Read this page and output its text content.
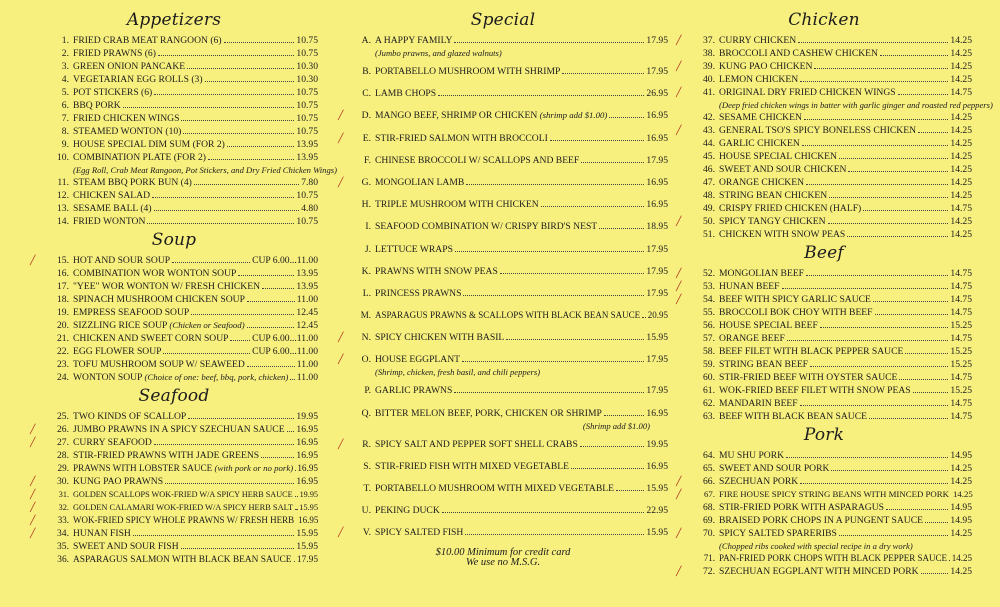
Appetizers
1. FRIED CRAB MEAT RANGOON (6)	10.75
2. FRIED PRAWNS (6)	10.75
3. GREEN ONION PANCAKE	10.30
4. VEGETARIAN EGG ROLLS (3)	10.30
5. POT STICKERS (6)	10.75
6. BBQ PORK	10.75
7. FRIED CHICKEN WINGS	10.75
8. STEAMED WONTON (10)	10.75
9. HOUSE SPECIAL DIM SUM (FOR 2)	13.95
10. COMBINATION PLATE (FOR 2)	13.95
(Egg Roll, Crab Meat Rangoon, Pot Stickers, and Dry Fried Chicken Wings)
11. STEAM BBQ PORK BUN (4)	7.80
12. CHICKEN SALAD	10.75
13. SESAME BALL (4)	4.80
14. FRIED WONTON	10.75
Soup
╱	15. HOT AND SOUR SOUP	CUP 6.00...11.00
16. COMBINATION WOR WONTON SOUP	13.95
17. "YEE" WOR WONTON W/ FRESH CHICKEN	13.95
18. SPINACH MUSHROOM CHICKEN SOUP	11.00
19. EMPRESS SEAFOOD SOUP	12.45
20. SIZZLING RICE SOUP (Chicken or Seafood)	12.45
21. CHICKEN AND SWEET CORN SOUP CUP 6.00...11.00
22. EGG FLOWER SOUP	CUP 6.00...11.00
23. TOFU MUSHROOM SOUP W/ SEAWEED	11.00
24. WONTON SOUP (Choice of one: beef, bbq, pork, chicken) 11.00
Seafood
25. TWO KINDS OF SCALLOP	19.95
╱	26. JUMBO PRAWNS IN A SPICY SZECHUAN SAUCE 16.95
╱	27. CURRY SEAFOOD	16.95
28. STIR-FRIED PRAWNS WITH JADE GREENS	16.95
29. PRAWNS WITH LOBSTER SAUCE (with pork or no pork) 16.95
╱	30. KUNG PAO PRAWNS	16.95
╱	31. GOLDEN SCALLOPS WOK-FRIED W/A SPICY HERB SAUCE 19.95
╱	32. GOLDEN CALAMARI WOK-FRIED W/A SPICY HERB SALT 15.95
╱	33. WOK-FRIED SPICY WHOLE PRAWNS W/ FRESH HERB 16.95
╱	34. HUNAN FISH	15.95
35. SWEET AND SOUR FISH	15.95
36. ASPARAGUS SALMON WITH BLACK BEAN SAUCE 17.95
Special
A. A HAPPY FAMILY	17.95
(Jumbo prawns, and glazed walnuts)
B. PORTABELLO MUSHROOM WITH SHRIMP	17.95
C. LAMB CHOPS	26.95
╱	D. MANGO BEEF, SHRIMP OR CHICKEN (shrimp add $1.00)	16.95
╱	E. STIR-FRIED SALMON WITH BROCCOLI	16.95
F. CHINESE BROCCOLI W/ SCALLOPS AND BEEF	17.95
╱	G. MONGOLIAN LAMB	16.95
H. TRIPLE MUSHROOM WITH CHICKEN	16.95
I. SEAFOOD COMBINATION W/ CRISPY BIRD'S NEST	18.95
J. LETTUCE WRAPS	17.95
K. PRAWNS WITH SNOW PEAS	17.95
L. PRINCESS PRAWNS	17.95
M. ASPARAGUS PRAWNS & SCALLOPS WITH BLACK BEAN SAUCE 20.95
╱	N. SPICY CHICKEN WITH BASIL	15.95
╱	O. HOUSE EGGPLANT	17.95
(Shrimp, chicken, fresh basil, and chili peppers)
P. GARLIC PRAWNS	17.95
Q. BITTER MELON BEEF, PORK, CHICKEN OR SHRIMP	16.95
(Shrimp add $1.00)
╱	R. SPICY SALT AND PEPPER SOFT SHELL CRABS	19.95
S. STIR-FRIED FISH WITH MIXED VEGETABLE	16.95
T. PORTABELLO MUSHROOM WITH MIXED VEGETABLE	15.95
U. PEKING DUCK	22.95
╱	V. SPICY SALTED FISH	15.95
$10.00 Minimum for credit card
We use no M.S.G.
Chicken
╱	37. CURRY CHICKEN	14.25
38. BROCCOLI AND CASHEW CHICKEN	14.25
╱	39. KUNG PAO CHICKEN	14.25
40. LEMON CHICKEN	14.25
╱	41. ORIGINAL DRY FRIED CHICKEN WINGS	14.75
(Deep fried chicken wings in batter with garlic ginger and roasted red peppers)
42. SESAME CHICKEN	14.25
╱	43. GENERAL TSO'S SPICY BONELESS CHICKEN	14.25
44. GARLIC CHICKEN	14.25
45. HOUSE SPECIAL CHICKEN	14.25
46. SWEET AND SOUR CHICKEN	14.25
47. ORANGE CHICKEN	14.25
48. STRING BEAN CHICKEN	14.25
49. CRISPY FRIED CHICKEN (HALF)	14.75
╱	50. SPICY TANGY CHICKEN	14.25
51. CHICKEN WITH SNOW PEAS	14.25
Beef
╱	52. MONGOLIAN BEEF	14.75
╱	53. HUNAN BEEF	14.75
╱	54. BEEF WITH SPICY GARLIC SAUCE	14.75
55. BROCCOLI BOK CHOY WITH BEEF	14.75
56. HOUSE SPECIAL BEEF	15.25
57. ORANGE BEEF	14.75
58. BEEF FILET WITH BLACK PEPPER SAUCE	15.25
59. STRING BEAN BEEF	15.25
60. STIR-FRIED BEEF WITH OYSTER SAUCE	14.75
61. WOK-FRIED BEEF FILET WITH SNOW PEAS	15.25
62. MANDARIN BEEF	14.75
63. BEEF WITH BLACK BEAN SAUCE	14.75
Pork
64. MU SHU PORK	14.95
65. SWEET AND SOUR PORK	14.25
╱	66. SZECHUAN PORK	14.25
╱	67. FIRE HOUSE SPICY STRING BEANS WITH MINCED PORK 14.25
68. STIR-FRIED PORK WITH ASPARAGUS	14.95
69. BRAISED PORK CHOPS IN A PUNGENT SAUCE	14.95
╱	70. SPICY SALTED SPARERIBS	14.25
(Chopped ribs cooked with special recipe in a dry work)
71. PAN-FRIED PORK CHOPS WITH BLACK PEPPER SAUCE 14.25
╱	72. SZECHUAN EGGPLANT WITH MINCED PORK	14.25
